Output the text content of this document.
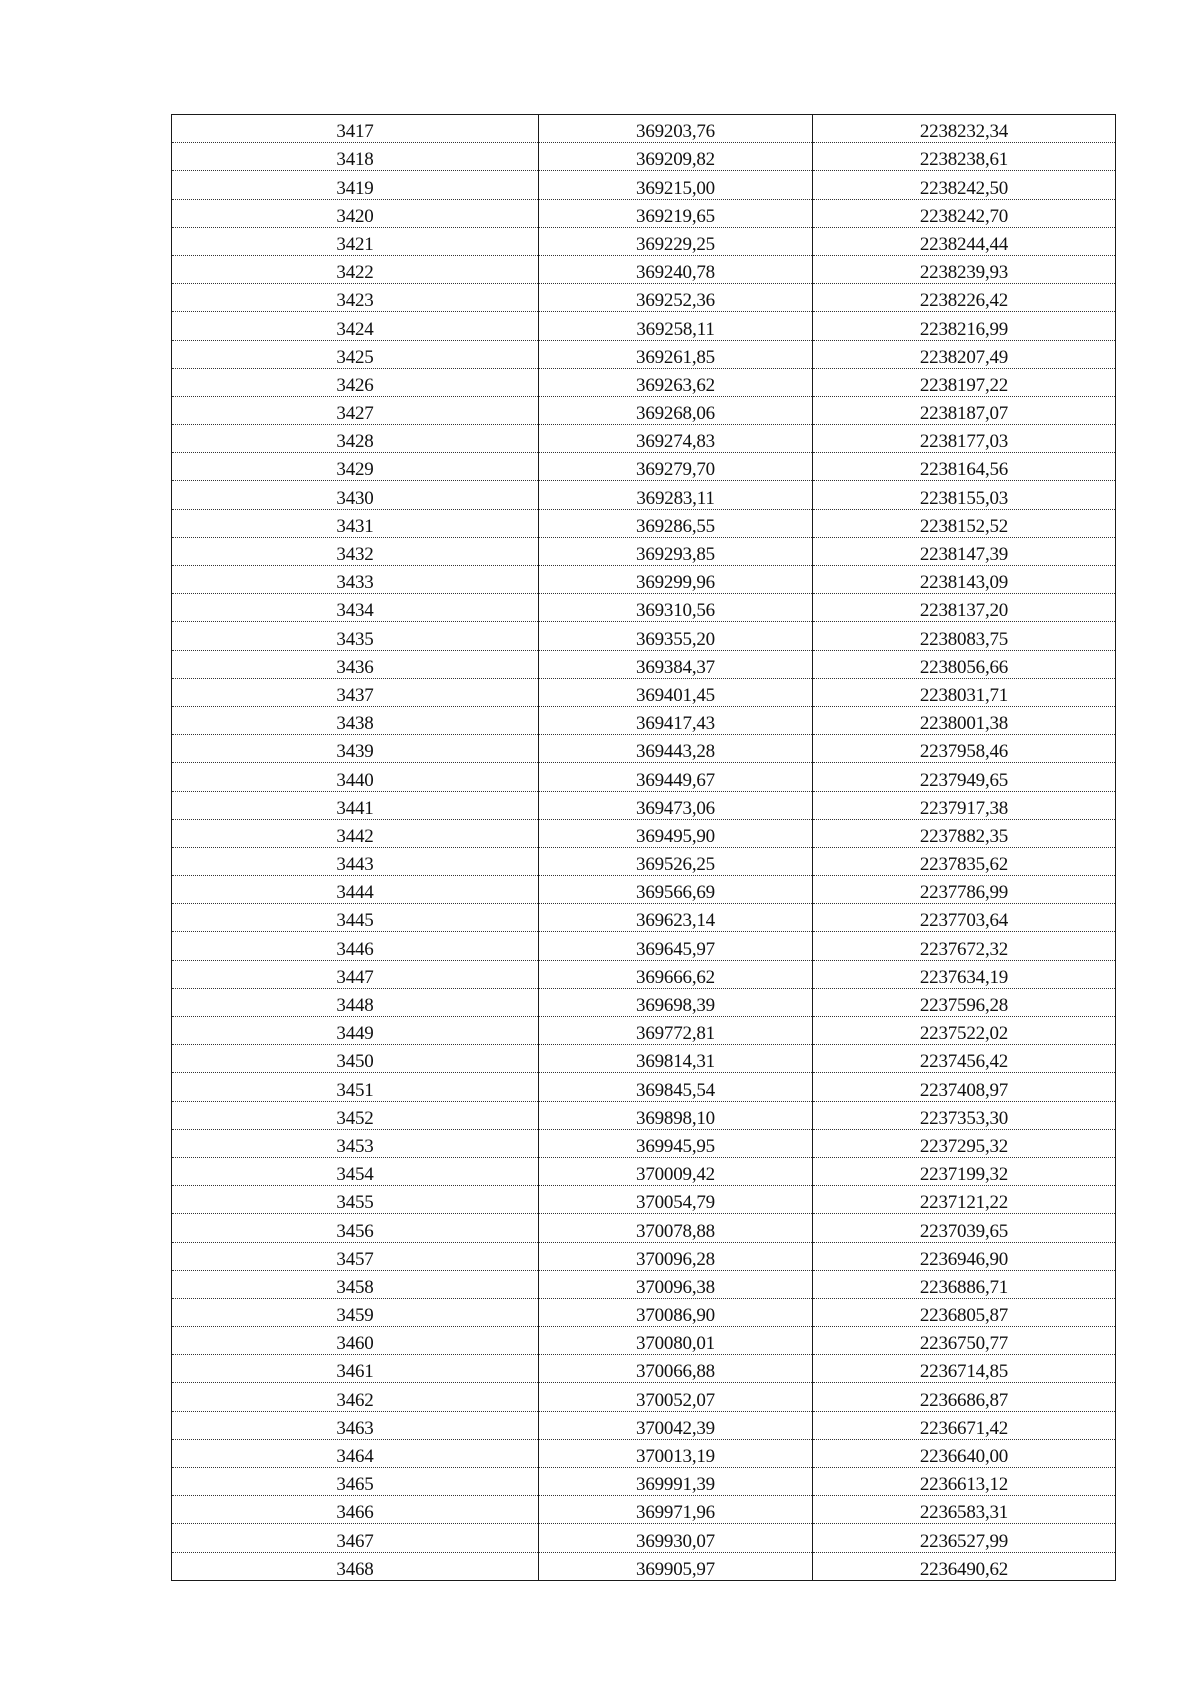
3417	369203,76	2238232,34
3418	369209,82	2238238,61
3419	369215,00	2238242,50
3420	369219,65	2238242,70
3421	369229,25	2238244,44
3422	369240,78	2238239,93
3423	369252,36	2238226,42
3424	369258,11	2238216,99
3425	369261,85	2238207,49
3426	369263,62	2238197,22
3427	369268,06	2238187,07
3428	369274,83	2238177,03
3429	369279,70	2238164,56
3430	369283,11	2238155,03
3431	369286,55	2238152,52
3432	369293,85	2238147,39
3433	369299,96	2238143,09
3434	369310,56	2238137,20
3435	369355,20	2238083,75
3436	369384,37	2238056,66
3437	369401,45	2238031,71
3438	369417,43	2238001,38
3439	369443,28	2237958,46
3440	369449,67	2237949,65
3441	369473,06	2237917,38
3442	369495,90	2237882,35
3443	369526,25	2237835,62
3444	369566,69	2237786,99
3445	369623,14	2237703,64
3446	369645,97	2237672,32
3447	369666,62	2237634,19
3448	369698,39	2237596,28
3449	369772,81	2237522,02
3450	369814,31	2237456,42
3451	369845,54	2237408,97
3452	369898,10	2237353,30
3453	369945,95	2237295,32
3454	370009,42	2237199,32
3455	370054,79	2237121,22
3456	370078,88	2237039,65
3457	370096,28	2236946,90
3458	370096,38	2236886,71
3459	370086,90	2236805,87
3460	370080,01	2236750,77
3461	370066,88	2236714,85
3462	370052,07	2236686,87
3463	370042,39	2236671,42
3464	370013,19	2236640,00
3465	369991,39	2236613,12
3466	369971,96	2236583,31
3467	369930,07	2236527,99
3468	369905,97	2236490,62
